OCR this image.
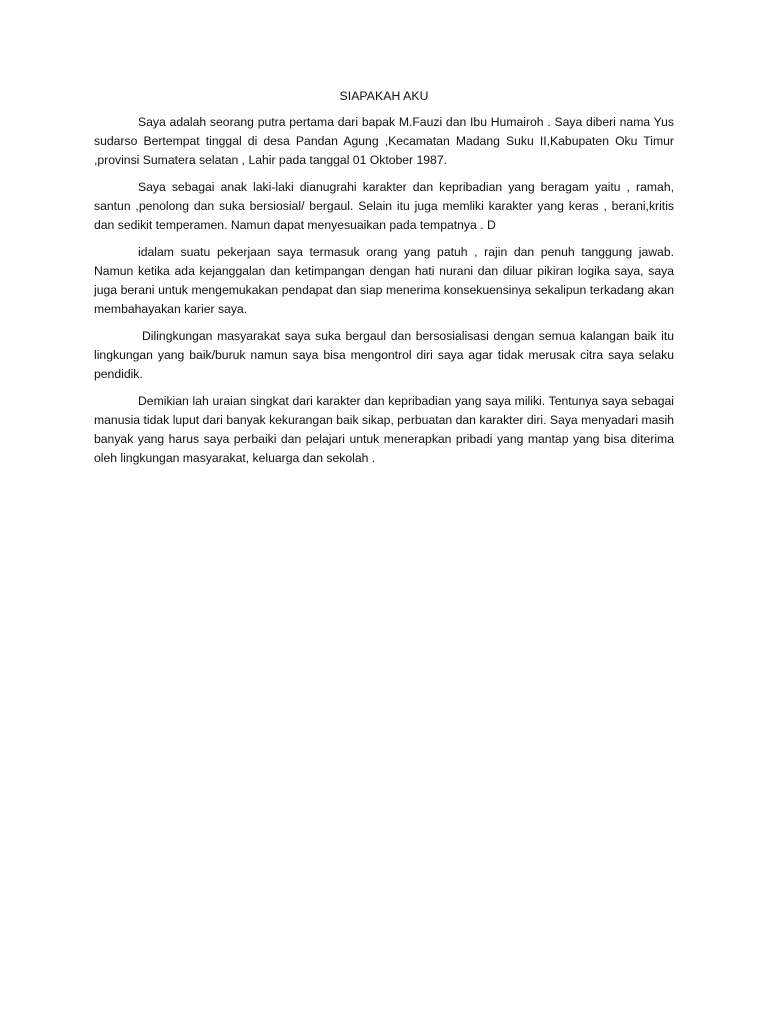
SIAPAKAH AKU

Saya adalah seorang putra pertama dari bapak M.Fauzi dan Ibu Humairoh . Saya diberi nama Yus sudarso Bertempat tinggal di desa Pandan Agung ,Kecamatan Madang Suku II,Kabupaten Oku Timur ,provinsi Sumatera selatan , Lahir pada tanggal 01 Oktober 1987.

Saya sebagai anak laki-laki dianugrahi karakter dan kepribadian yang beragam yaitu , ramah, santun ,penolong dan suka bersiosial/ bergaul. Selain itu juga memliki karakter yang keras , berani,kritis dan sedikit temperamen. Namun dapat menyesuaikan pada tempatnya . D

idalam suatu pekerjaan saya termasuk orang yang patuh , rajin dan penuh tanggung jawab. Namun ketika ada kejanggalan dan ketimpangan dengan hati nurani dan diluar pikiran logika saya, saya juga berani untuk mengemukakan pendapat dan siap menerima konsekuensinya sekalipun terkadang akan membahayakan karier saya.

Dilingkungan masyarakat saya suka bergaul dan bersosialisasi dengan semua kalangan baik itu lingkungan yang baik/buruk namun saya bisa mengontrol diri saya agar tidak merusak citra saya selaku pendidik.

Demikian lah uraian singkat dari karakter dan kepribadian yang saya miliki. Tentunya saya sebagai manusia tidak luput dari banyak kekurangan baik sikap, perbuatan dan karakter diri. Saya menyadari masih banyak yang harus saya perbaiki dan pelajari untuk menerapkan pribadi yang mantap yang bisa diterima oleh lingkungan masyarakat, keluarga dan sekolah .
